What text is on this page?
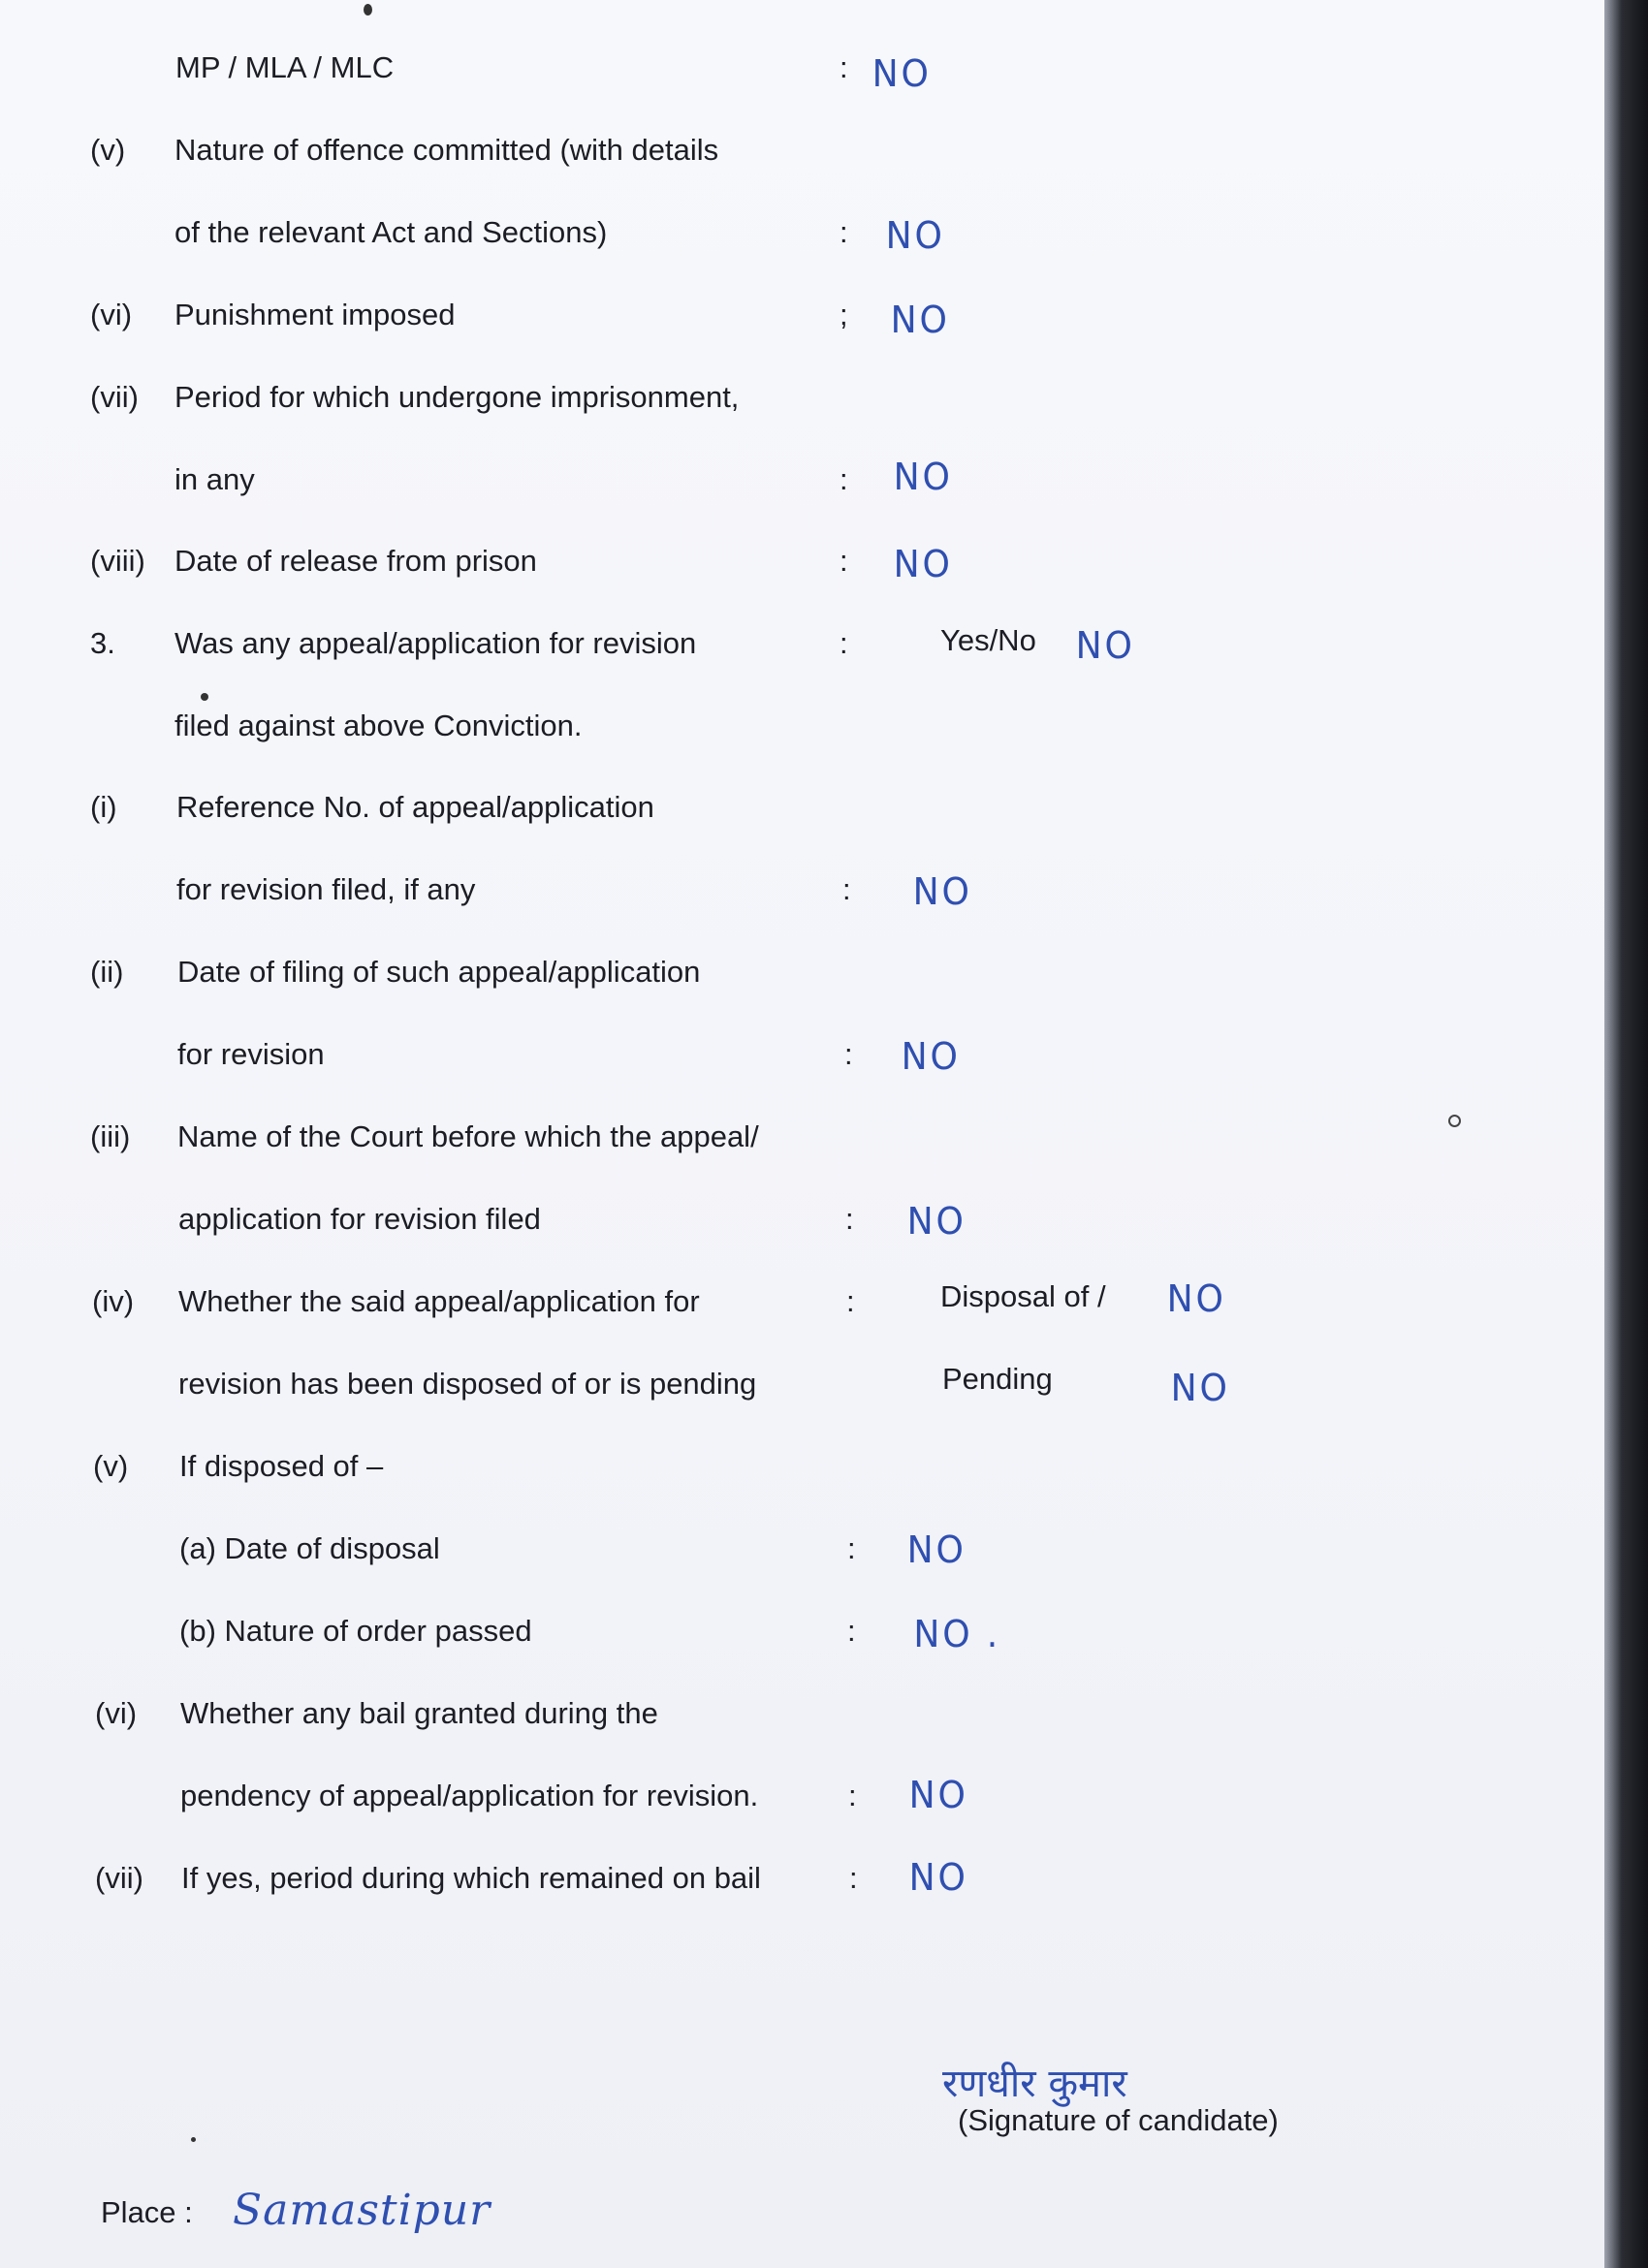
MP / MLA / MLC	: NO
(v) Nature of offence committed (with details
of the relevant Act and Sections)	: NO
(vi) Punishment imposed	; NO
(vii) Period for which undergone imprisonment,
in any	: NO
(viii) Date of release from prison	: NO
3. Was any appeal/application for revision	:	Yes/No NO
filed against above Conviction.
(i) Reference No. of appeal/application
for revision filed, if any	: NO
(ii) Date of filing of such appeal/application
for revision	: NO
(iii) Name of the Court before which the appeal/
application for revision filed	: NO
(iv) Whether the said appeal/application for	:	Disposal of / NO
revision has been disposed of or is pending	Pending	NO
(v) If disposed of –
(a) Date of disposal	: NO
(b) Nature of order passed	: NO .
(vi) Whether any bail granted during the
pendency of appeal/application for revision.	: NO
(vii) If yes, period during which remained on bail	: NO
रणधीर कुमार
(Signature of candidate)
Place : Samastipur
